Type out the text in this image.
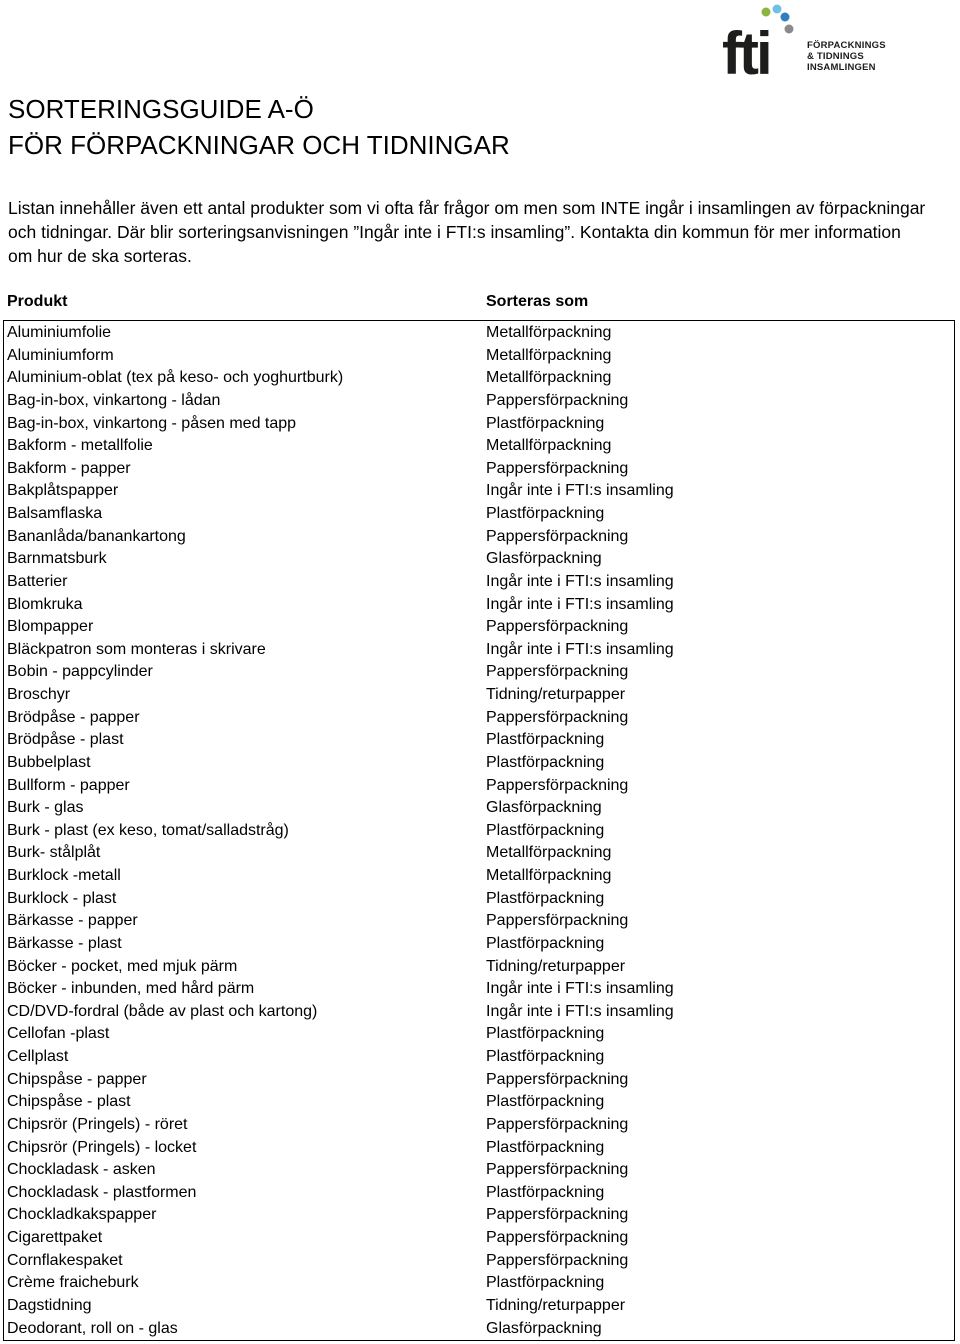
fti	FÖRPACKNINGS
& TIDNINGS
INSAMLINGEN
SORTERINGSGUIDE A-Ö
FÖR FÖRPACKNINGAR OCH TIDNINGAR

Listan innehåller även ett antal produkter som vi ofta får frågor om men som INTE ingår i insamlingen av förpackningar och tidningar. Där blir sorteringsanvisningen ”Ingår inte i FTI:s insamling”. Kontakta din kommun för mer information om hur de ska sorteras.

Produkt	Sorteras som
Aluminiumfolie	Metallförpackning
Aluminiumform	Metallförpackning
Aluminium-oblat (tex på keso- och yoghurtburk)	Metallförpackning
Bag-in-box, vinkartong - lådan	Pappersförpackning
Bag-in-box, vinkartong - påsen med tapp	Plastförpackning
Bakform - metallfolie	Metallförpackning
Bakform - papper	Pappersförpackning
Bakplåtspapper	Ingår inte i FTI:s insamling
Balsamflaska	Plastförpackning
Bananlåda/banankartong	Pappersförpackning
Barnmatsburk	Glasförpackning
Batterier	Ingår inte i FTI:s insamling
Blomkruka	Ingår inte i FTI:s insamling
Blompapper	Pappersförpackning
Bläckpatron som monteras i skrivare	Ingår inte i FTI:s insamling
Bobin - pappcylinder	Pappersförpackning
Broschyr	Tidning/returpapper
Brödpåse - papper	Pappersförpackning
Brödpåse - plast	Plastförpackning
Bubbelplast	Plastförpackning
Bullform - papper	Pappersförpackning
Burk - glas	Glasförpackning
Burk - plast (ex keso, tomat/salladstråg)	Plastförpackning
Burk- stålplåt	Metallförpackning
Burklock -metall	Metallförpackning
Burklock - plast	Plastförpackning
Bärkasse - papper	Pappersförpackning
Bärkasse - plast	Plastförpackning
Böcker - pocket, med mjuk pärm	Tidning/returpapper
Böcker - inbunden, med hård pärm	Ingår inte i FTI:s insamling
CD/DVD-fordral (både av plast och kartong)	Ingår inte i FTI:s insamling
Cellofan -plast	Plastförpackning
Cellplast	Plastförpackning
Chipspåse - papper	Pappersförpackning
Chipspåse - plast	Plastförpackning
Chipsrör (Pringels) - röret	Pappersförpackning
Chipsrör (Pringels) - locket	Plastförpackning
Chockladask - asken	Pappersförpackning
Chockladask - plastformen	Plastförpackning
Chockladkakspapper	Pappersförpackning
Cigarettpaket	Pappersförpackning
Cornflakespaket	Pappersförpackning
Crème fraicheburk	Plastförpackning
Dagstidning	Tidning/returpapper
Deodorant, roll on - glas	Glasförpackning
